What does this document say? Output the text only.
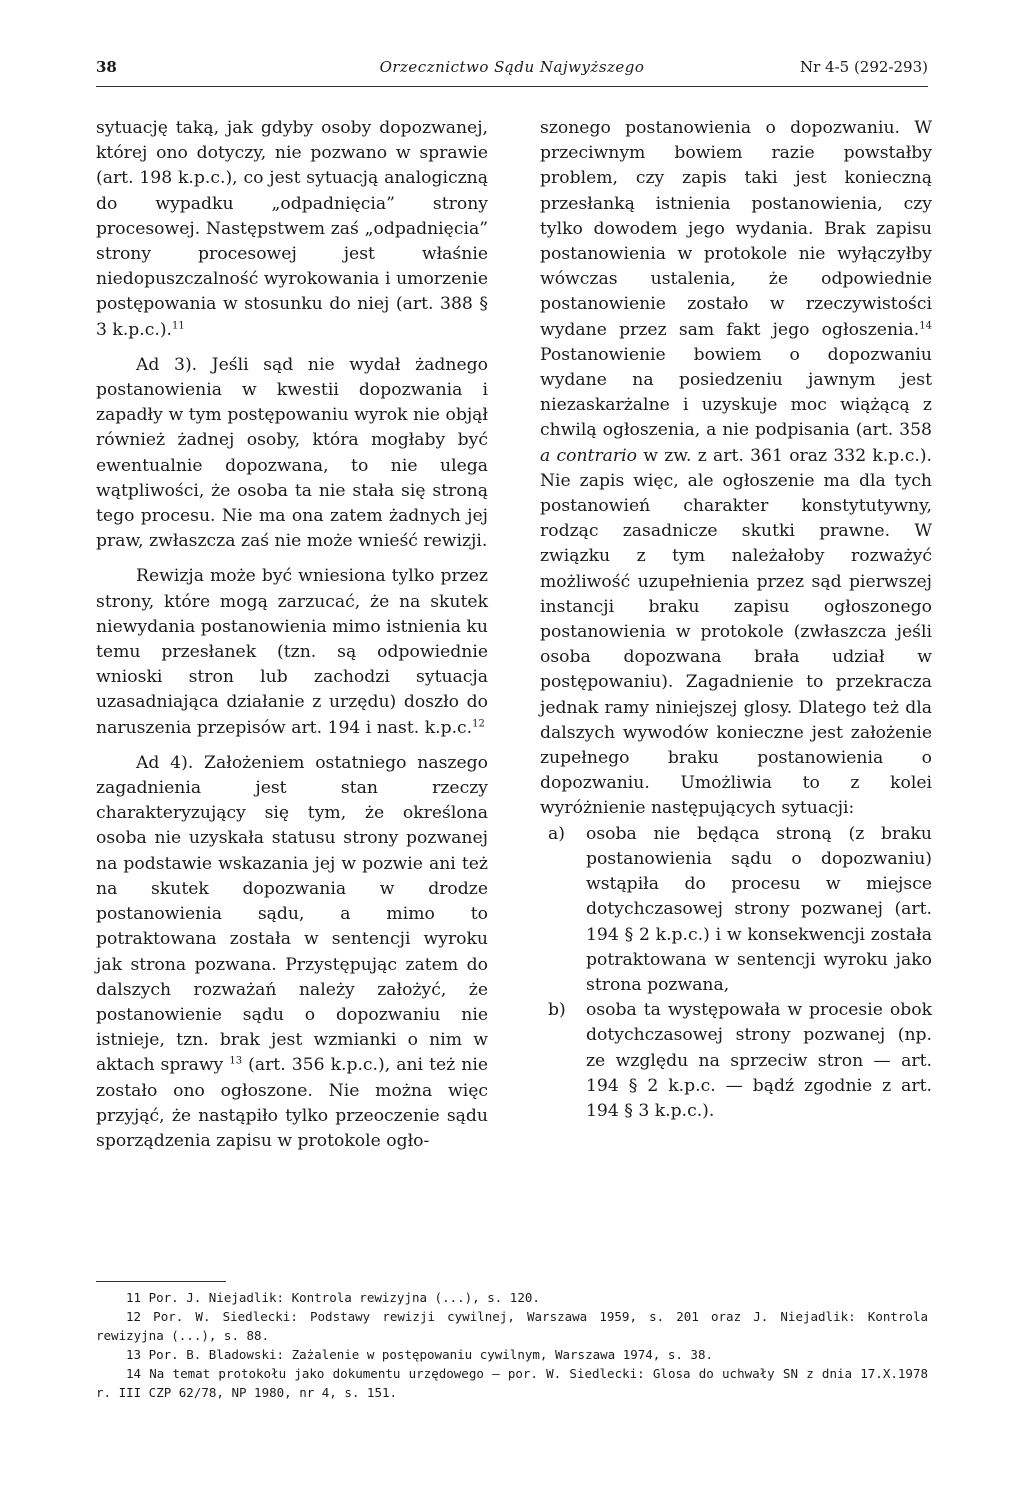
38	Orzecznictwo Sądu Najwyższego	Nr 4-5 (292-293)

sytuację taką, jak gdyby osoby dopozwanej, której ono dotyczy, nie pozwano w sprawie (art. 198 k.p.c.), co jest sytuacją analogiczną do wypadku „odpadnięcia” strony procesowej. Następstwem zaś „odpadnięcia” strony procesowej jest właśnie niedopuszczalność wyrokowania i umorzenie postępowania w stosunku do niej (art. 388 § 3 k.p.c.).$^{11}$

Ad 3). Jeśli sąd nie wydał żadnego postanowienia w kwestii dopozwania i zapadły w tym postępowaniu wyrok nie objął również żadnej osoby, która mogłaby być ewentualnie dopozwana, to nie ulega wątpliwości, że osoba ta nie stała się stroną tego procesu. Nie ma ona zatem żadnych jej praw, zwłaszcza zaś nie może wnieść rewizji.

Rewizja może być wniesiona tylko przez strony, które mogą zarzucać, że na skutek niewydania postanowienia mimo istnienia ku temu przesłanek (tzn. są odpowiednie wnioski stron lub zachodzi sytuacja uzasadniająca działanie z urzędu) doszło do naruszenia przepisów art. 194 i nast. k.p.c.$^{12}$

Ad 4). Założeniem ostatniego naszego zagadnienia jest stan rzeczy charakteryzujący się tym, że określona osoba nie uzyskała statusu strony pozwanej na podstawie wskazania jej w pozwie ani też na skutek dopozwania w drodze postanowienia sądu, a mimo to potraktowana została w sentencji wyroku jak strona pozwana. Przystępując zatem do dalszych rozważań należy założyć, że postanowienie sądu o dopozwaniu nie istnieje, tzn. brak jest wzmianki o nim w aktach sprawy $^{13}$ (art. 356 k.p.c.), ani też nie zostało ono ogłoszone. Nie można więc przyjąć, że nastąpiło tylko przeoczenie sądu sporządzenia zapisu w protokole ogło-

szonego postanowienia o dopozwaniu. W przeciwnym bowiem razie powstałby problem, czy zapis taki jest konieczną przesłanką istnienia postanowienia, czy tylko dowodem jego wydania. Brak zapisu postanowienia w protokole nie wyłączyłby wówczas ustalenia, że odpowiednie postanowienie zostało w rzeczywistości wydane przez sam fakt jego ogłoszenia.$^{14}$ Postanowienie bowiem o dopozwaniu wydane na posiedzeniu jawnym jest niezaskarżalne i uzyskuje moc wiążącą z chwilą ogłoszenia, a nie podpisania (art. 358 a contrario w zw. z art. 361 oraz 332 k.p.c.). Nie zapis więc, ale ogłoszenie ma dla tych postanowień charakter konstytutywny, rodząc zasadnicze skutki prawne. W związku z tym należałoby rozważyć możliwość uzupełnienia przez sąd pierwszej instancji braku zapisu ogłoszonego postanowienia w protokole (zwłaszcza jeśli osoba dopozwana brała udział w postępowaniu). Zagadnienie to przekracza jednak ramy niniejszej glosy. Dlatego też dla dalszych wywodów konieczne jest założenie zupełnego braku postanowienia o dopozwaniu. Umożliwia to z kolei wyróżnienie następujących sytuacji:

a) osoba nie będąca stroną (z braku postanowienia sądu o dopozwaniu) wstąpiła do procesu w miejsce dotychczasowej strony pozwanej (art. 194 § 2 k.p.c.) i w konsekwencji została potraktowana w sentencji wyroku jako strona pozwana,
b) osoba ta występowała w procesie obok dotychczasowej strony pozwanej (np. ze względu na sprzeciw stron — art. 194 § 2 k.p.c. — bądź zgodnie z art. 194 § 3 k.p.c.).

11 Por. J. Niejadlik: Kontrola rewizyjna (...), s. 120.

12 Por. W. Siedlecki: Podstawy rewizji cywilnej, Warszawa 1959, s. 201 oraz J. Niejadlik: Kontrola rewizyjna (...), s. 88.

13 Por. B. Bladowski: Zażalenie w postępowaniu cywilnym, Warszawa 1974, s. 38.

14 Na temat protokołu jako dokumentu urzędowego — por. W. Siedlecki: Glosa do uchwały SN z dnia 17.X.1978 r. III CZP 62/78, NP 1980, nr 4, s. 151.
